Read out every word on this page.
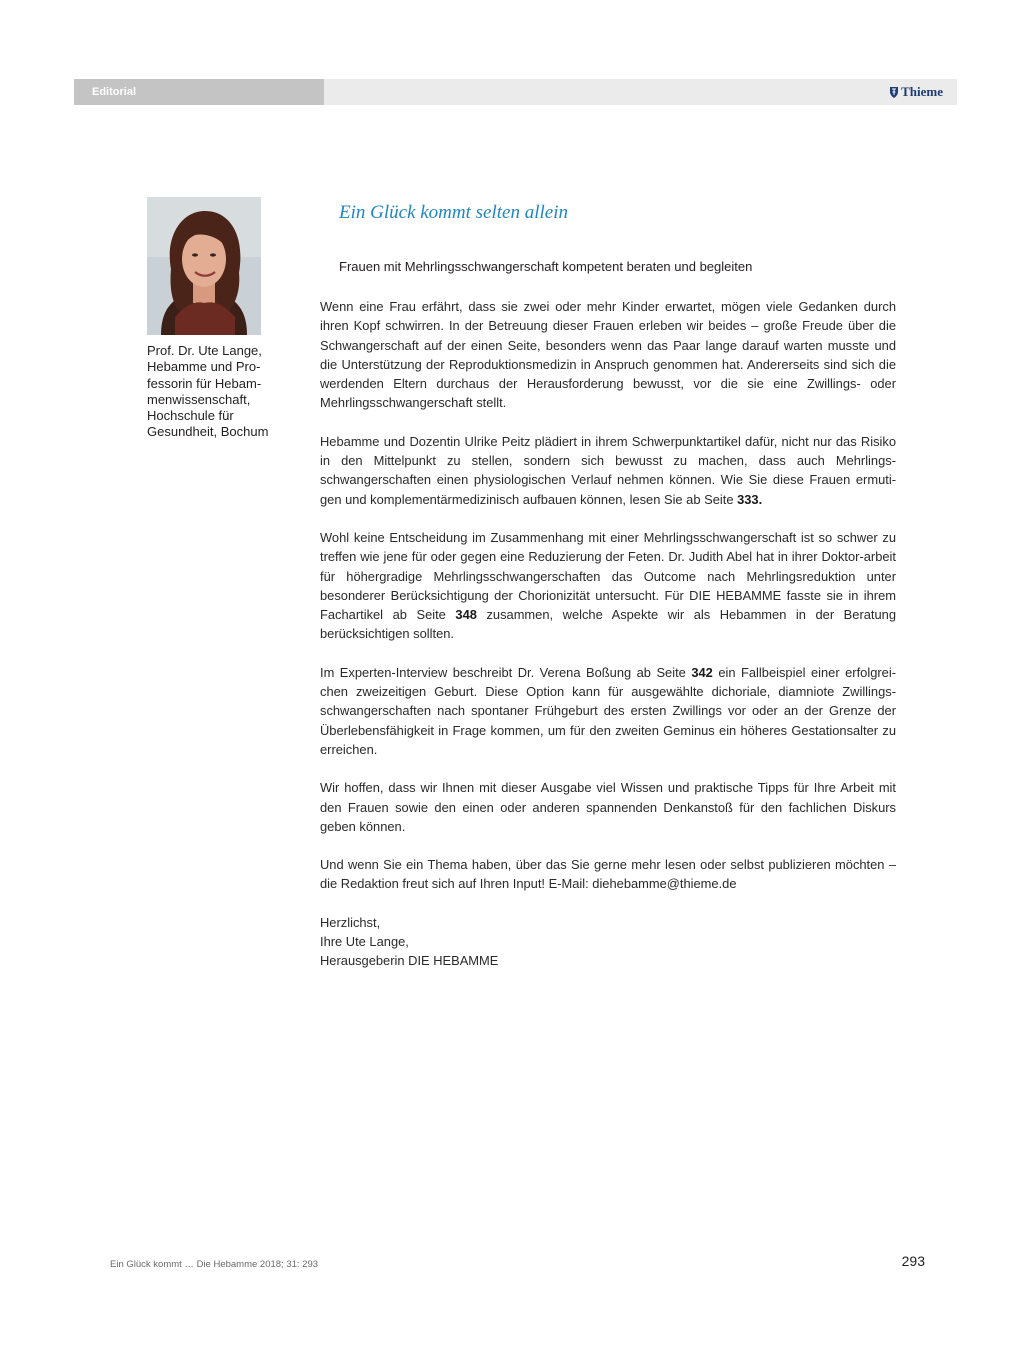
Editorial	Thieme
Prof. Dr. Ute Lange,
Hebamme und Pro-
fessorin für Hebam-
menwissenschaft,
Hochschule für
Gesundheit, Bochum
Ein Glück kommt selten allein
Frauen mit Mehrlingsschwangerschaft kompetent beraten und begleiten

Wenn eine Frau erfährt, dass sie zwei oder mehr Kinder erwartet, mögen viele Gedanken durch ihren Kopf schwirren. In der Betreuung dieser Frauen erleben wir beides – große Freude über die Schwangerschaft auf der einen Seite, besonders wenn das Paar lange darauf warten musste und die Unterstützung der Reproduktionsmedizin in Anspruch genommen hat. Andererseits sind sich die werdenden Eltern durchaus der Herausforderung bewusst, vor die sie eine Zwillings- oder Mehrlingsschwangerschaft stellt.

Hebamme und Dozentin Ulrike Peitz plädiert in ihrem Schwerpunktartikel dafür, nicht nur das Risiko in den Mittelpunkt zu stellen, sondern sich bewusst zu machen, dass auch Mehrlings-schwangerschaften einen physiologischen Verlauf nehmen können. Wie Sie diese Frauen ermuti-gen und komplementärmedizinisch aufbauen können, lesen Sie ab Seite 333.

Wohl keine Entscheidung im Zusammenhang mit einer Mehrlingsschwangerschaft ist so schwer zu treffen wie jene für oder gegen eine Reduzierung der Feten. Dr. Judith Abel hat in ihrer Doktor-arbeit für höhergradige Mehrlingsschwangerschaften das Outcome nach Mehrlingsreduktion unter besonderer Berücksichtigung der Chorionizität untersucht. Für DIE HEBAMME fasste sie in ihrem Fachartikel ab Seite 348 zusammen, welche Aspekte wir als Hebammen in der Beratung berücksichtigen sollten.

Im Experten-Interview beschreibt Dr. Verena Boßung ab Seite 342 ein Fallbeispiel einer erfolgrei-chen zweizeitigen Geburt. Diese Option kann für ausgewählte dichoriale, diamniote Zwillings-schwangerschaften nach spontaner Frühgeburt des ersten Zwillings vor oder an der Grenze der Überlebensfähigkeit in Frage kommen, um für den zweiten Geminus ein höheres Gestationsalter zu erreichen.

Wir hoffen, dass wir Ihnen mit dieser Ausgabe viel Wissen und praktische Tipps für Ihre Arbeit mit den Frauen sowie den einen oder anderen spannenden Denkanstoß für den fachlichen Diskurs geben können.

Und wenn Sie ein Thema haben, über das Sie gerne mehr lesen oder selbst publizieren möchten – die Redaktion freut sich auf Ihren Input! E-Mail: diehebamme@thieme.de

Herzlichst,
Ihre Ute Lange,
Herausgeberin DIE HEBAMME
Ein Glück kommt … Die Hebamme 2018; 31: 293	293
